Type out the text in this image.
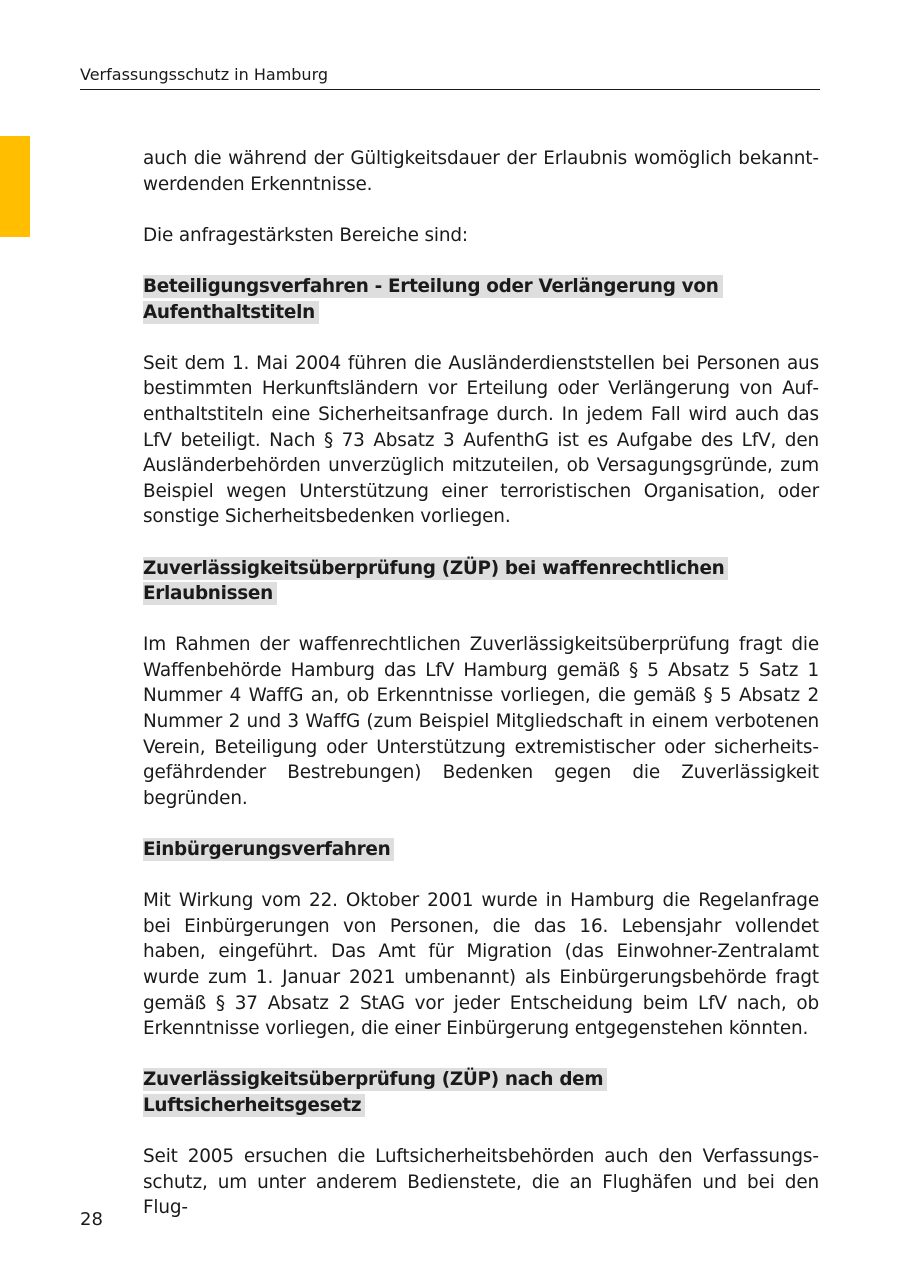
Verfassungsschutz in Hamburg

auch die während der Gültigkeitsdauer der Erlaubnis womöglich bekanntwerdenden Erkenntnisse.

Die anfragestärksten Bereiche sind:

Beteiligungsverfahren - Erteilung oder Verlängerung von Aufenthaltstiteln

Seit dem 1. Mai 2004 führen die Ausländerdienststellen bei Personen aus bestimmten Herkunftsländern vor Erteilung oder Verlängerung von Aufenthaltstiteln eine Sicherheitsanfrage durch. In jedem Fall wird auch das LfV beteiligt. Nach § 73 Absatz 3 AufenthG ist es Aufgabe des LfV, den Ausländerbehörden unverzüglich mitzuteilen, ob Versagungsgründe, zum Beispiel wegen Unterstützung einer terroristischen Organisation, oder sonstige Sicherheitsbedenken vorliegen.

Zuverlässigkeitsüberprüfung (ZÜP) bei waffenrechtlichen Erlaubnissen

Im Rahmen der waffenrechtlichen Zuverlässigkeitsüberprüfung fragt die Waffenbehörde Hamburg das LfV Hamburg gemäß § 5 Absatz 5 Satz 1 Nummer 4 WaffG an, ob Erkenntnisse vorliegen, die gemäß § 5 Absatz 2 Nummer 2 und 3 WaffG (zum Beispiel Mitgliedschaft in einem verbotenen Verein, Beteiligung oder Unterstützung extremistischer oder sicherheitsgefährdender Bestrebungen) Bedenken gegen die Zuverlässigkeit begründen.

Einbürgerungsverfahren

Mit Wirkung vom 22. Oktober 2001 wurde in Hamburg die Regelanfrage bei Einbürgerungen von Personen, die das 16. Lebensjahr vollendet haben, eingeführt. Das Amt für Migration (das Einwohner-Zentralamt wurde zum 1. Januar 2021 umbenannt) als Einbürgerungsbehörde fragt gemäß § 37 Absatz 2 StAG vor jeder Entscheidung beim LfV nach, ob Erkenntnisse vorliegen, die einer Einbürgerung entgegenstehen könnten.

Zuverlässigkeitsüberprüfung (ZÜP) nach dem Luftsicherheitsgesetz

Seit 2005 ersuchen die Luftsicherheitsbehörden auch den Verfassungsschutz, um unter anderem Bedienstete, die an Flughäfen und bei den Flug-

28
